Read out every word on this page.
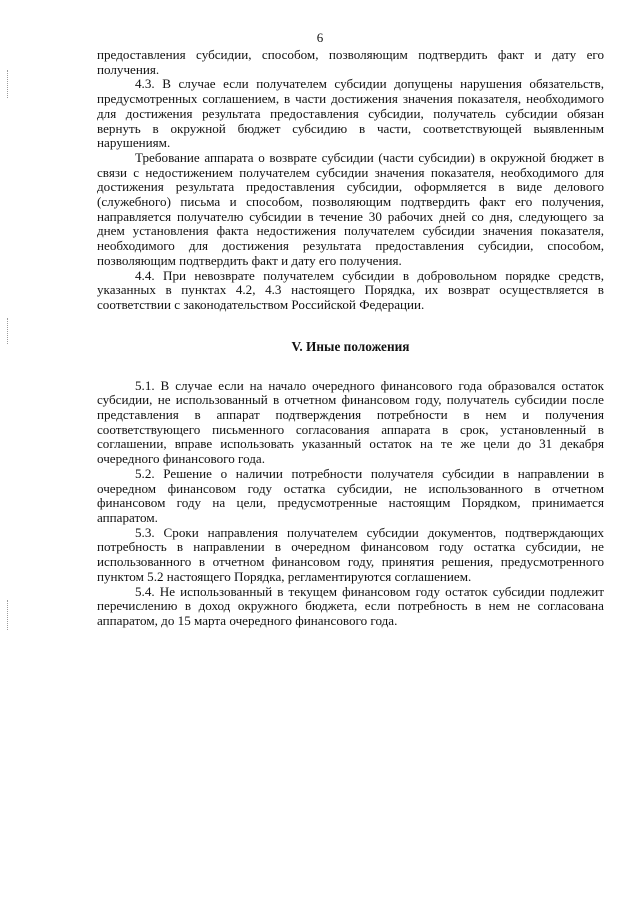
6

предоставления субсидии, способом, позволяющим подтвердить факт и дату его получения.

4.3. В случае если получателем субсидии допущены нарушения обязательств, предусмотренных соглашением, в части достижения значения показателя, необходимого для достижения результата предоставления субсидии, получатель субсидии обязан вернуть в окружной бюджет субсидию в части, соответствующей выявленным нарушениям.

Требование аппарата о возврате субсидии (части субсидии) в окружной бюджет в связи с недостижением получателем субсидии значения показателя, необходимого для достижения результата предоставления субсидии, оформляется в виде делового (служебного) письма и способом, позволяющим подтвердить факт его получения, направляется получателю субсидии в течение 30 рабочих дней со дня, следующего за днем установления факта недостижения получателем субсидии значения показателя, необходимого для достижения результата предоставления субсидии, способом, позволяющим подтвердить факт и дату его получения.

4.4. При невозврате получателем субсидии в добровольном порядке средств, указанных в пунктах 4.2, 4.3 настоящего Порядка, их возврат осуществляется в соответствии с законодательством Российской Федерации.

V. Иные положения

5.1. В случае если на начало очередного финансового года образовался остаток субсидии, не использованный в отчетном финансовом году, получатель субсидии после представления в аппарат подтверждения потребности в нем и получения соответствующего письменного согласования аппарата в срок, установленный в соглашении, вправе использовать указанный остаток на те же цели до 31 декабря очередного финансового года.

5.2. Решение о наличии потребности получателя субсидии в направлении в очередном финансовом году остатка субсидии, не использованного в отчетном финансовом году на цели, предусмотренные настоящим Порядком, принимается аппаратом.

5.3. Сроки направления получателем субсидии документов, подтверждающих потребность в направлении в очередном финансовом году остатка субсидии, не использованного в отчетном финансовом году, принятия решения, предусмотренного пунктом 5.2 настоящего Порядка, регламентируются соглашением.

5.4. Не использованный в текущем финансовом году остаток субсидии подлежит перечислению в доход окружного бюджета, если потребность в нем не согласована аппаратом, до 15 марта очередного финансового года.
